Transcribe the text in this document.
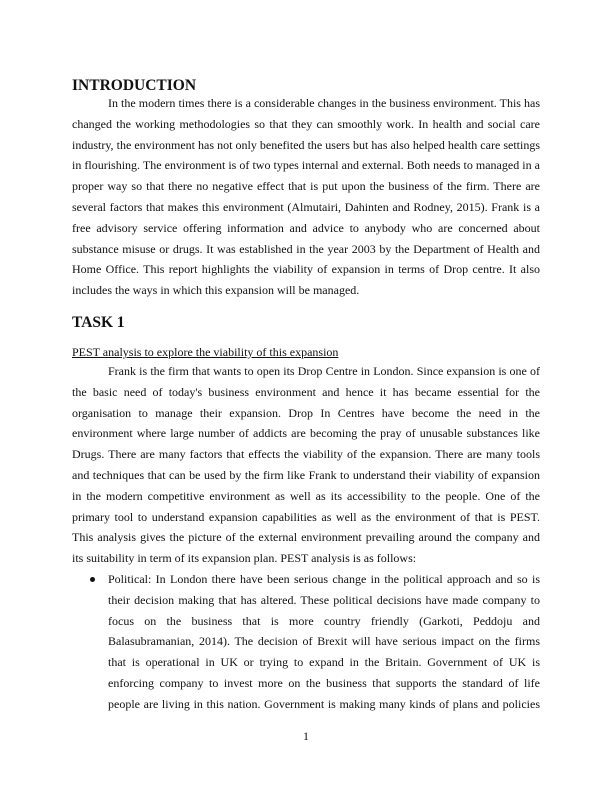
INTRODUCTION
In the modern times there is a considerable changes in the business environment. This has
changed the working methodologies so that they can smoothly work. In health and social care
industry, the environment has not only benefited the users but has also helped health care settings
in flourishing. The environment is of two types internal and external. Both needs to managed in a
proper way so that there no negative effect that is put upon the business of the firm. There are
several factors that makes this environment (Almutairi, Dahinten and Rodney, 2015). Frank is a
free advisory service offering information and advice to anybody who are concerned about
substance misuse or drugs. It was established in the year 2003 by the Department of Health and
Home Office. This report highlights the viability of expansion in terms of Drop centre. It also
includes the ways in which this expansion will be managed.
TASK 1
PEST analysis to explore the viability of this expansion
Frank is the firm that wants to open its Drop Centre in London. Since expansion is one of
the basic need of today's business environment and hence it has became essential for the
organisation to manage their expansion. Drop In Centres have become the need in the
environment where large number of addicts are becoming the pray of unusable substances like
Drugs. There are many factors that effects the viability of the expansion. There are many tools
and techniques that can be used by the firm like Frank to understand their viability of expansion
in the modern competitive environment as well as its accessibility to the people. One of the
primary tool to understand expansion capabilities as well as the environment of that is PEST.
This analysis gives the picture of the external environment prevailing around the company and
its suitability in term of its expansion plan. PEST analysis is as follows:
Political: In London there have been serious change in the political approach and so is
their decision making that has altered. These political decisions have made company to
focus on the business that is more country friendly (Garkoti, Peddoju and
Balasubramanian, 2014). The decision of Brexit will have serious impact on the firms
that is operational in UK or trying to expand in the Britain. Government of UK is
enforcing company to invest more on the business that supports the standard of life
people are living in this nation. Government is making many kinds of plans and policies
1
